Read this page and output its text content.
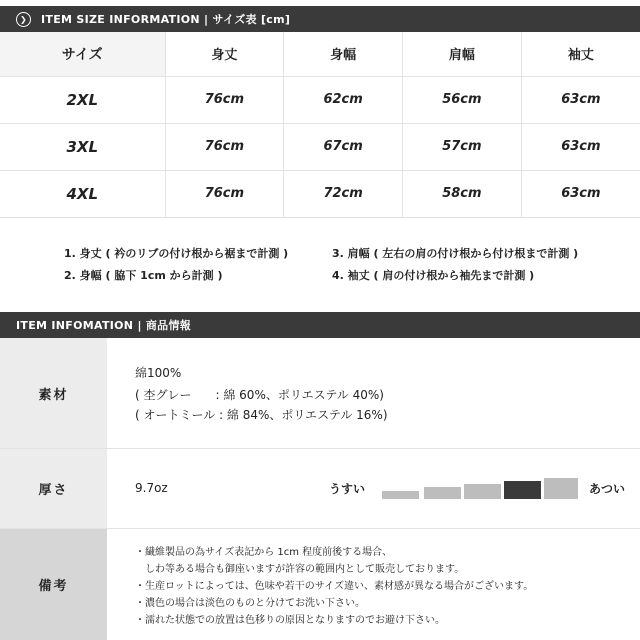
❯	ITEM SIZE INFORMATION | サイズ表 [cm]
サイズ	身丈	身幅	肩幅	袖丈
2XL	76cm	62cm	56cm	63cm
3XL	76cm	67cm	57cm	63cm
4XL	76cm	72cm	58cm	63cm
1. 身丈 ( 衿のリブの付け根から裾まで計測 )	3. 肩幅 ( 左右の肩の付け根から付け根まで計測 )
2. 身幅 ( 脇下 1cm から計測 )	4. 袖丈 ( 肩の付け根から袖先まで計測 )
ITEM INFOMATION | 商品情報
素材
綿100%
( 杢グレー　　: 綿 60%、ポリエステル 40%)
( オートミール : 綿 84%、ポリエステル 16%)
厚さ	9.7oz	うすい	あつい
備考
・繊維製品の為サイズ表記から 1cm 程度前後する場合、
　しわ等ある場合も御座いますが許容の範囲内として販売しております。
・生産ロットによっては、色味や若干のサイズ違い、素材感が異なる場合がございます。
・濃色の場合は淡色のものと分けてお洗い下さい。
・濡れた状態での放置は色移りの原因となりますのでお避け下さい。
